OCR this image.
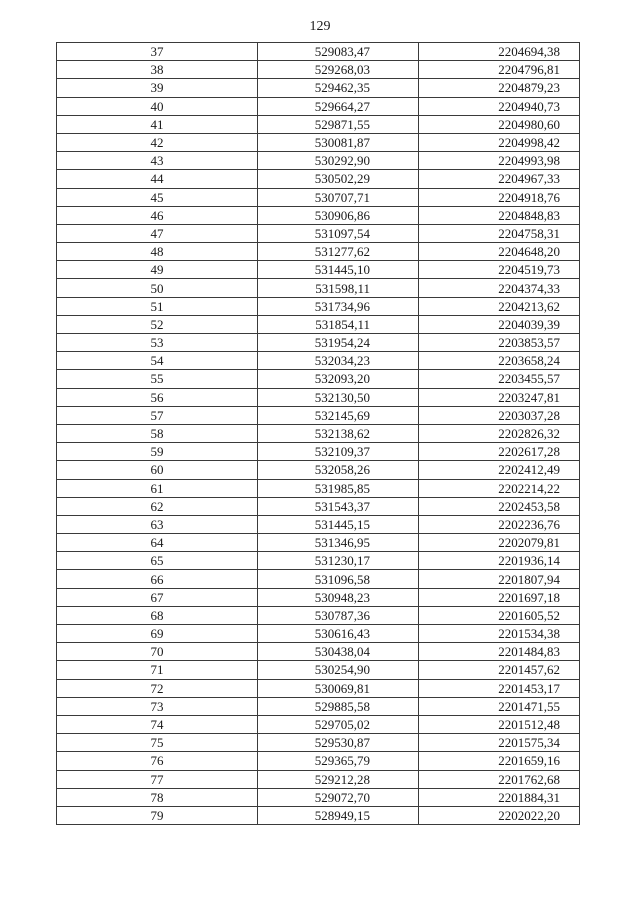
129
37	529083,47	2204694,38
38	529268,03	2204796,81
39	529462,35	2204879,23
40	529664,27	2204940,73
41	529871,55	2204980,60
42	530081,87	2204998,42
43	530292,90	2204993,98
44	530502,29	2204967,33
45	530707,71	2204918,76
46	530906,86	2204848,83
47	531097,54	2204758,31
48	531277,62	2204648,20
49	531445,10	2204519,73
50	531598,11	2204374,33
51	531734,96	2204213,62
52	531854,11	2204039,39
53	531954,24	2203853,57
54	532034,23	2203658,24
55	532093,20	2203455,57
56	532130,50	2203247,81
57	532145,69	2203037,28
58	532138,62	2202826,32
59	532109,37	2202617,28
60	532058,26	2202412,49
61	531985,85	2202214,22
62	531543,37	2202453,58
63	531445,15	2202236,76
64	531346,95	2202079,81
65	531230,17	2201936,14
66	531096,58	2201807,94
67	530948,23	2201697,18
68	530787,36	2201605,52
69	530616,43	2201534,38
70	530438,04	2201484,83
71	530254,90	2201457,62
72	530069,81	2201453,17
73	529885,58	2201471,55
74	529705,02	2201512,48
75	529530,87	2201575,34
76	529365,79	2201659,16
77	529212,28	2201762,68
78	529072,70	2201884,31
79	528949,15	2202022,20
